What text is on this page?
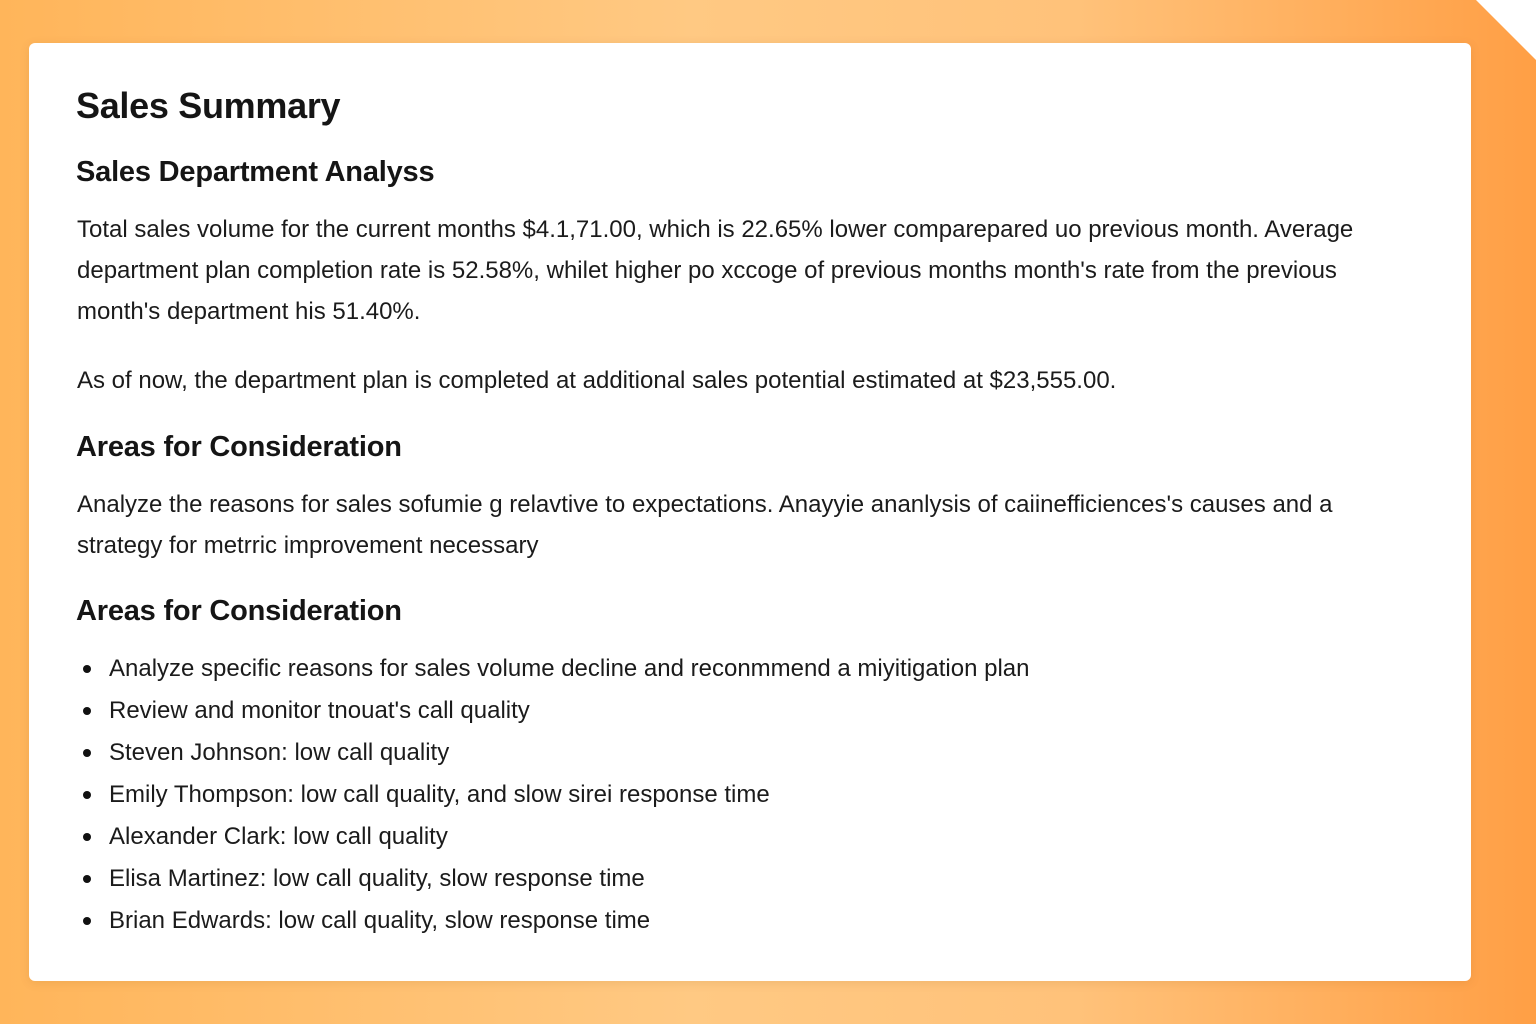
Sales Summary
Sales Department Analyss

Total sales volume for the current months $4.1,71.00, which is 22.65% lower comparepared uo previous month. Average department plan completion rate is 52.58%, whilet higher po xccoge of previous months month's rate from the previous month's department his 51.40%.

As of now, the department plan is completed at additional sales potential estimated at $23,555.00.

Areas for Consideration

Analyze the reasons for sales sofumie g relavtive to expectations. Anayyie ananlysis of caiinefficiences's causes and a strategy for metrric improvement necessary

Areas for Consideration
Analyze specific reasons for sales volume decline and reconmmend a miyitigation plan
Review and monitor tnouat's call quality
Steven Johnson: low call quality
Emily Thompson: low call quality, and slow sirei response time
Alexander Clark: low call quality
Elisa Martinez: low call quality, slow response time
Brian Edwards: low call quality, slow response time
